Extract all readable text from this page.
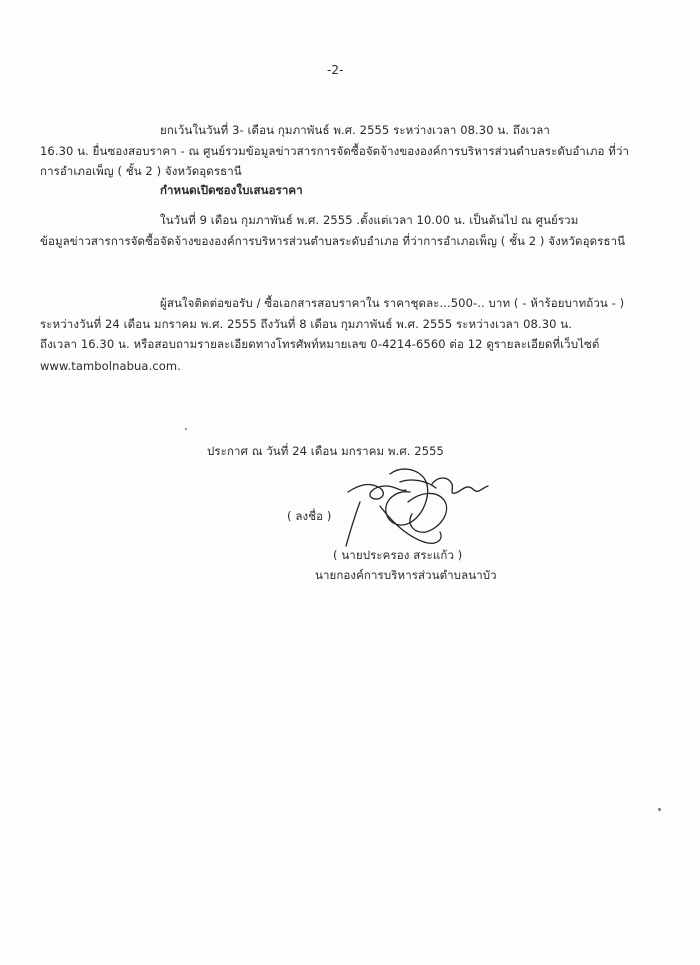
-2-
ยกเว้นในวันที่ 3- เดือน กุมภาพันธ์ พ.ศ. 2555 ระหว่างเวลา 08.30 น. ถึงเวลา
16.30 น. ยื่นซองสอบราคา - ณ ศูนย์รวมข้อมูลข่าวสารการจัดซื้อจัดจ้างขององค์การบริหารส่วนตำบลระดับอำเภอ ที่ว่า
การอำเภอเพ็ญ ( ชั้น 2 ) จังหวัดอุดรธานี
กำหนดเปิดซองใบเสนอราคา
ในวันที่ 9 เดือน กุมภาพันธ์ พ.ศ. 2555 .ตั้งแต่เวลา 10.00 น. เป็นต้นไป ณ ศูนย์รวม
ข้อมูลข่าวสารการจัดซื้อจัดจ้างขององค์การบริหารส่วนตำบลระดับอำเภอ ที่ว่าการอำเภอเพ็ญ ( ชั้น 2 ) จังหวัดอุดรธานี
ผู้สนใจติดต่อขอรับ / ซื้อเอกสารสอบราคาใน ราคาชุดละ...500-.. บาท ( - ห้าร้อยบาทถ้วน - )
ระหว่างวันที่ 24 เดือน มกราคม พ.ศ. 2555 ถึงวันที่ 8 เดือน กุมภาพันธ์ พ.ศ. 2555 ระหว่างเวลา 08.30 น.
ถึงเวลา 16.30 น. หรือสอบถามรายละเอียดทางโทรศัพท์หมายเลข 0-4214-6560 ต่อ 12 ดูรายละเอียดที่เว็บไซต์
www.tambolnabua.com.
ประกาศ ณ วันที่ 24 เดือน มกราคม พ.ศ. 2555
( ลงชื่อ )
( นายประครอง สระแก้ว )
นายกองค์การบริหารส่วนตำบลนาบัว
